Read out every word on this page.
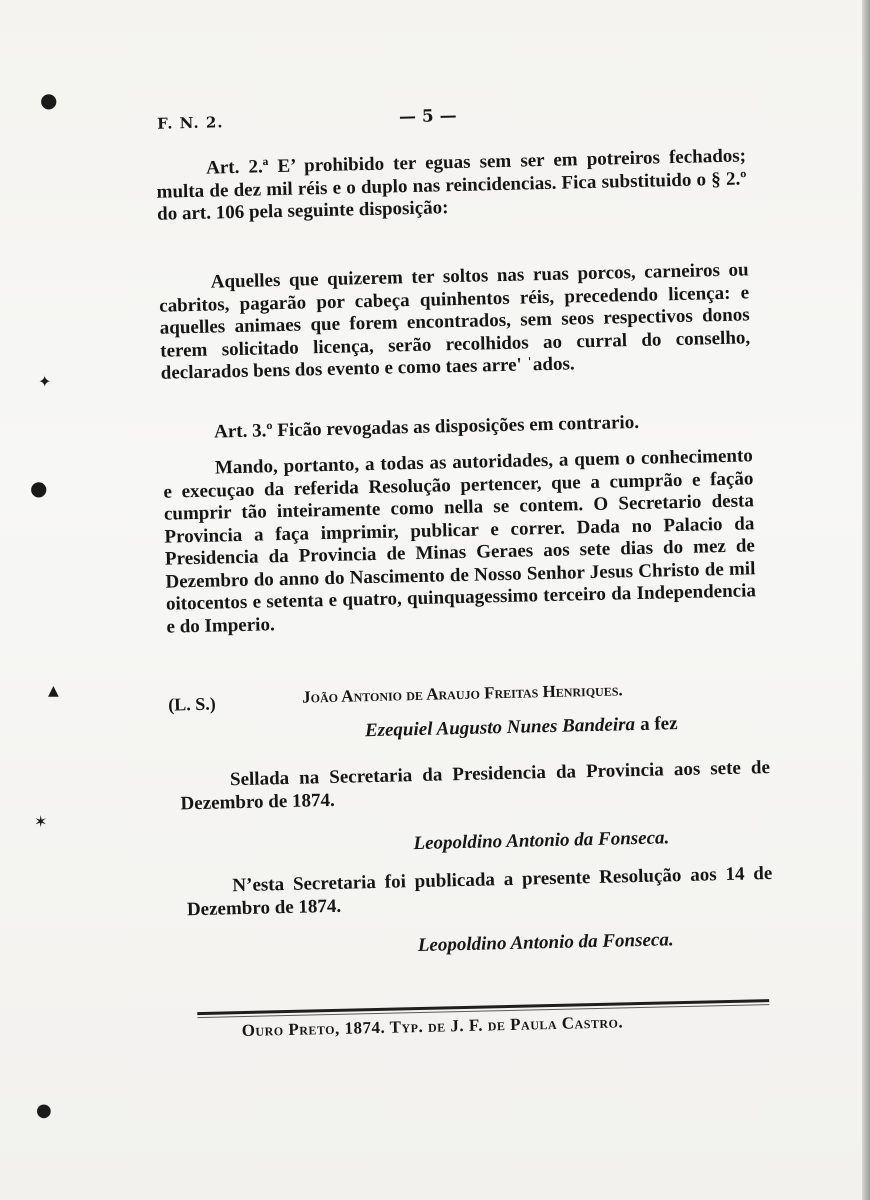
●
✦
●
▲
✶
●
F. N. 2.	— 5 —

Art. 2.ª E’ prohibido ter eguas sem ser em potreiros fechados; multa de dez mil réis e o duplo nas reincidencias. Fica substituido o § 2.º do art. 106 pela seguinte disposição:

Aquelles que quizerem ter soltos nas ruas porcos, carneiros ou cabritos, pagarão por cabeça quinhentos réis, precedendo licença: e aquelles animaes que forem encontrados, sem seos respectivos donos terem solicitado licença, serão recolhidos ao curral do conselho, declarados bens dos evento e como taes arre' ˈados.

Art. 3.º Ficão revogadas as disposições em contrario.

Mando, portanto, a todas as autoridades, a quem o conhecimento e execuçao da referida Resolução pertencer, que a cumprão e fação cumprir tão inteiramente como nella se contem. O Secretario desta Provincia a faça imprimir, publicar e correr. Dada no Palacio da Presidencia da Provincia de Minas Geraes aos sete dias do mez de Dezembro do anno do Nascimento de Nosso Senhor Jesus Christo de mil oitocentos e setenta e quatro, quinquagessimo terceiro da Independencia e do Imperio.

(L. S.)	João Antonio de Araujo Freitas Henriques.
Ezequiel Augusto Nunes Bandeira a fez

Sellada na Secretaria da Presidencia da Provincia aos sete de Dezembro de 1874.

Leopoldino Antonio da Fonseca.

N’esta Secretaria foi publicada a presente Resolução aos 14 de Dezembro de 1874.

Leopoldino Antonio da Fonseca.
Ouro Preto, 1874. Typ. de J. F. de Paula Castro.
